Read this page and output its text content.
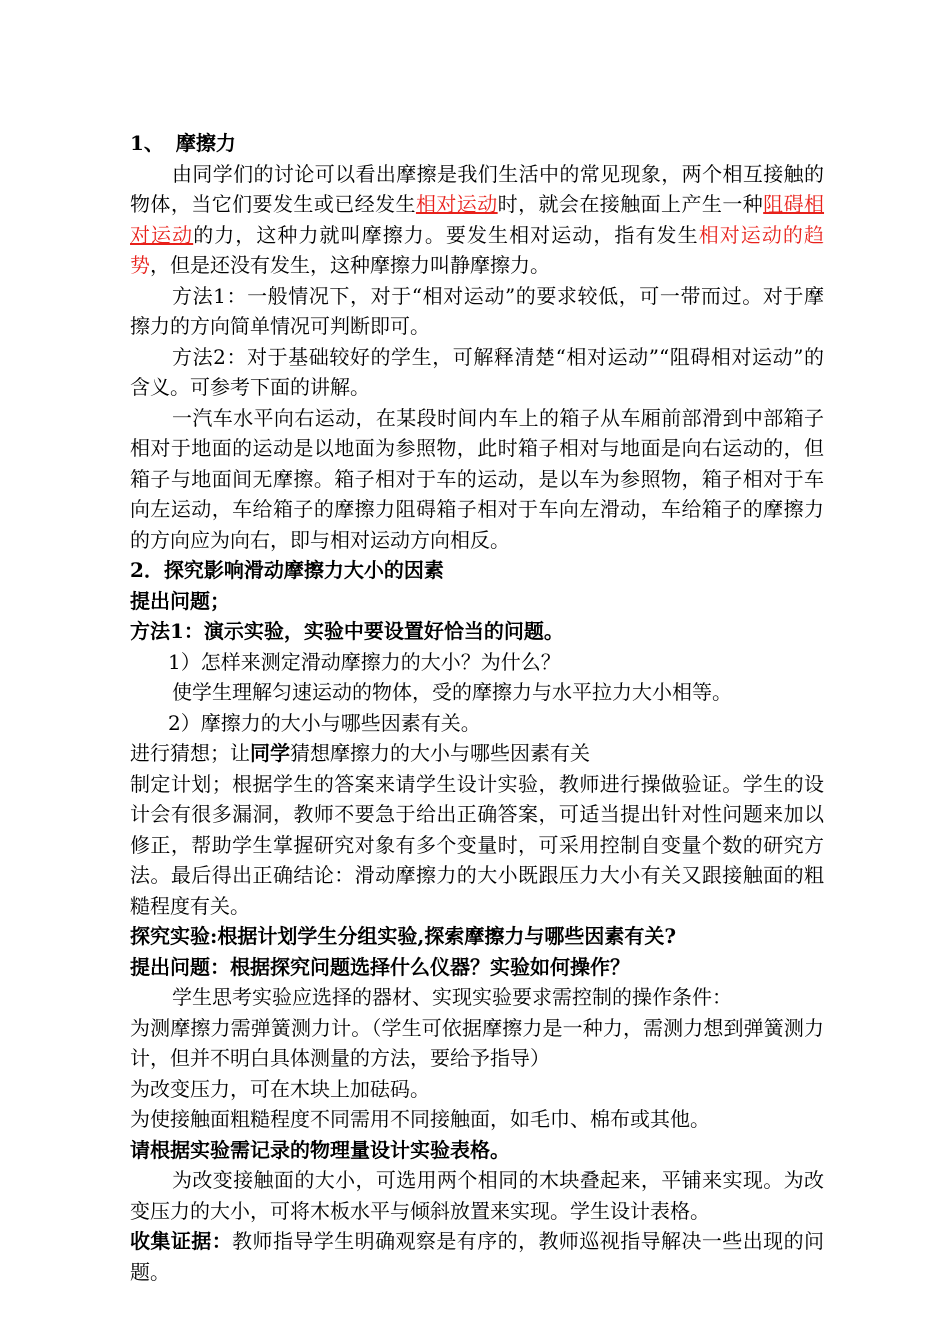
1、 摩擦力

由同学们的讨论可以看出摩擦是我们生活中的常见现象，两个相互接触的物体，当它们要发生或已经发生相对运动时，就会在接触面上产生一种阻碍相对运动的力，这种力就叫摩擦力。要发生相对运动，指有发生相对运动的趋势，但是还没有发生，这种摩擦力叫静摩擦力。

方法1：一般情况下，对于“相对运动”的要求较低，可一带而过。对于摩擦力的方向简单情况可判断即可。

方法2：对于基础较好的学生，可解释清楚“相对运动”“阻碍相对运动”的含义。可参考下面的讲解。

一汽车水平向右运动，在某段时间内车上的箱子从车厢前部滑到中部箱子相对于地面的运动是以地面为参照物，此时箱子相对与地面是向右运动的，但箱子与地面间无摩擦。箱子相对于车的运动，是以车为参照物，箱子相对于车向左运动，车给箱子的摩擦力阻碍箱子相对于车向左滑动，车给箱子的摩擦力的方向应为向右，即与相对运动方向相反。

2．探究影响滑动摩擦力大小的因素

提出问题；

方法1：演示实验，实验中要设置好恰当的问题。

1）怎样来测定滑动摩擦力的大小？为什么？

使学生理解匀速运动的物体，受的摩擦力与水平拉力大小相等。

2）摩擦力的大小与哪些因素有关。

进行猜想；让同学猜想摩擦力的大小与哪些因素有关

制定计划；根据学生的答案来请学生设计实验，教师进行操做验证。学生的设计会有很多漏洞，教师不要急于给出正确答案，可适当提出针对性问题来加以修正，帮助学生掌握研究对象有多个变量时，可采用控制自变量个数的研究方法。最后得出正确结论：滑动摩擦力的大小既跟压力大小有关又跟接触面的粗糙程度有关。

探究实验:根据计划学生分组实验,探索摩擦力与哪些因素有关?

提出问题：根据探究问题选择什么仪器？实验如何操作？

学生思考实验应选择的器材、实现实验要求需控制的操作条件：

为测摩擦力需弹簧测力计。（学生可依据摩擦力是一种力，需测力想到弹簧测力计，但并不明白具体测量的方法，要给予指导）

为改变压力，可在木块上加砝码。

为使接触面粗糙程度不同需用不同接触面，如毛巾、棉布或其他。

请根据实验需记录的物理量设计实验表格。

为改变接触面的大小，可选用两个相同的木块叠起来，平铺来实现。为改变压力的大小，可将木板水平与倾斜放置来实现。学生设计表格。

收集证据：教师指导学生明确观察是有序的，教师巡视指导解决一些出现的问题。
